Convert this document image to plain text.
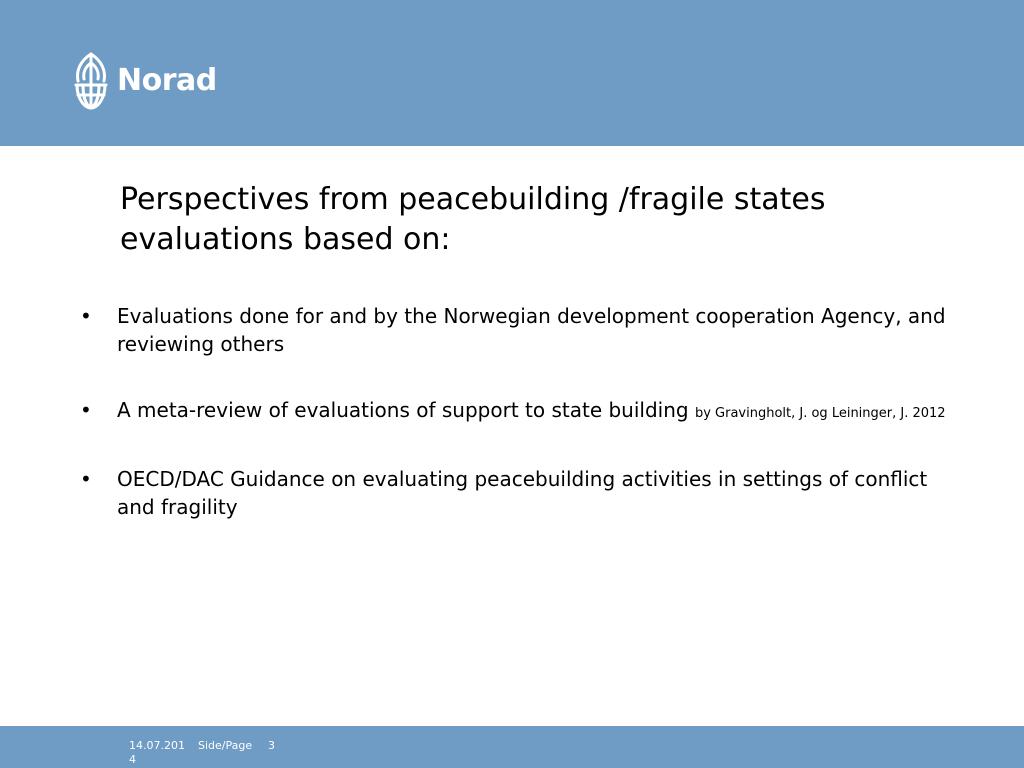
Norad
Perspectives from peacebuilding /fragile states evaluations based on:
• Evaluations done for and by the Norwegian development cooperation Agency, and reviewing others
• A meta-review of evaluations of support to state building by Gravingholt, J. og Leininger, J. 2012
• OECD/DAC Guidance on evaluating peacebuilding activities in settings of conflict and fragility
14.07.2014
Side/Page 3
